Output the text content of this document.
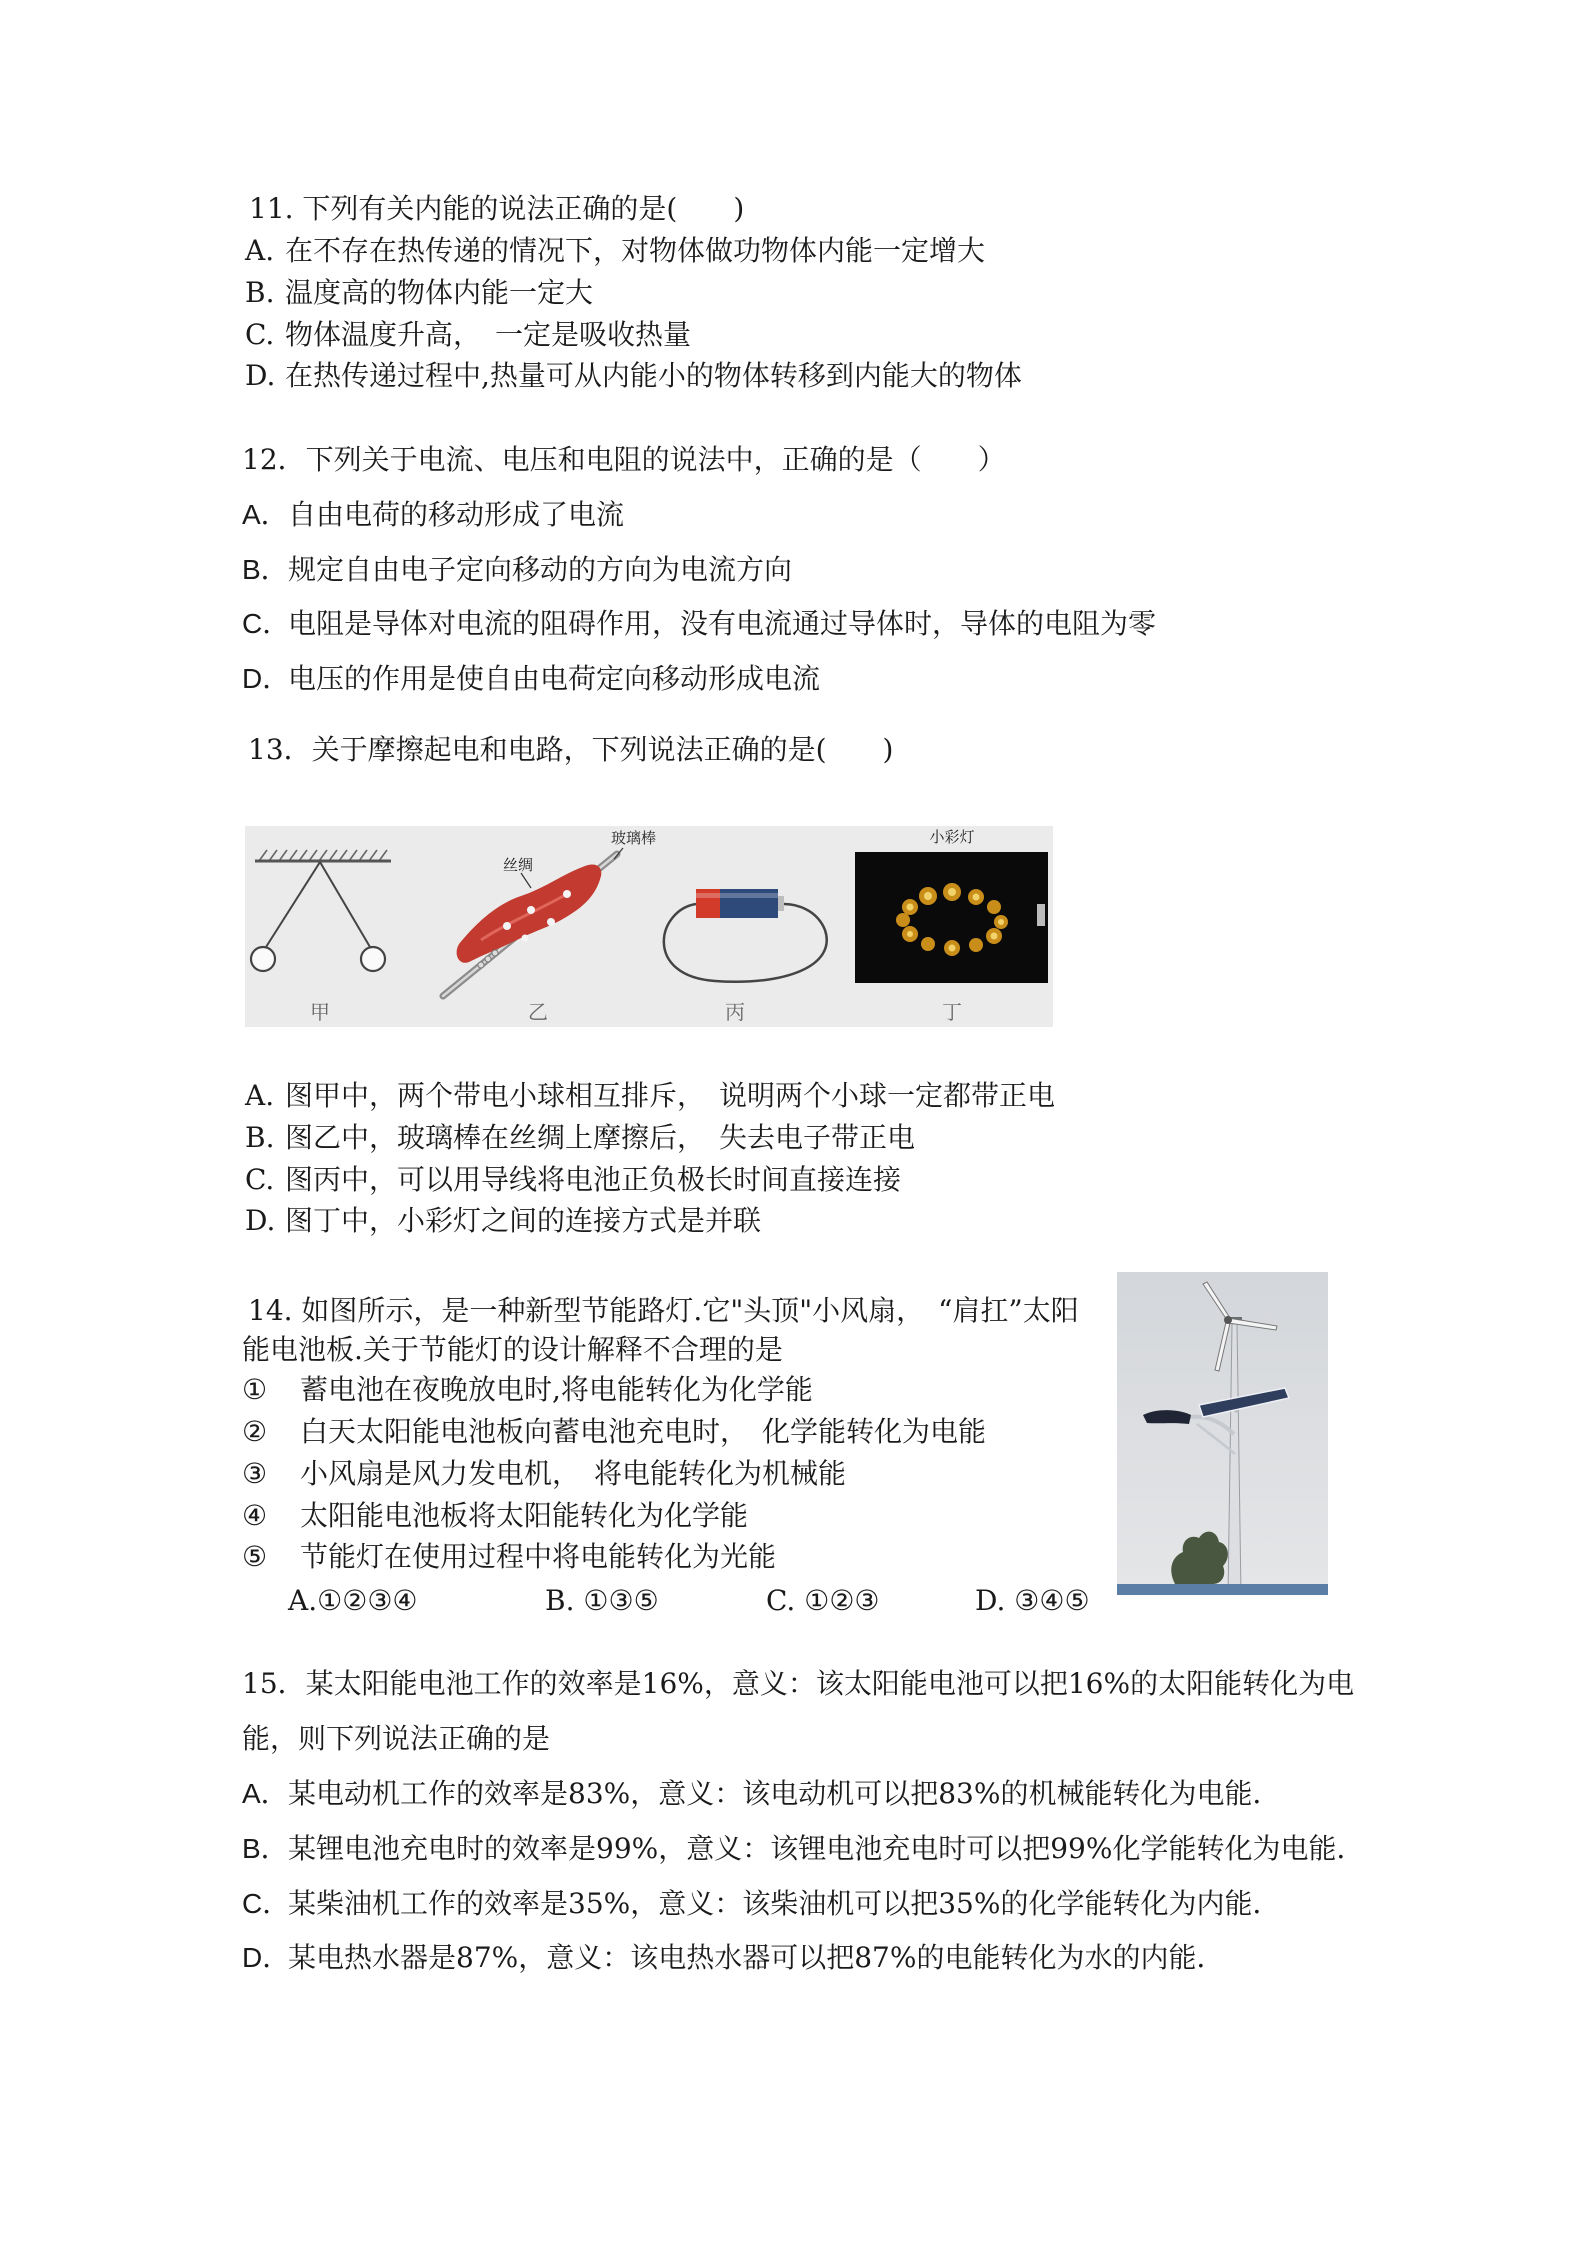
11. 下列有关内能的说法正确的是(　　)
A. 在不存在热传递的情况下，对物体做功物体内能一定增大
B. 温度高的物体内能一定大
C. 物体温度升高，　一定是吸收热量
D. 在热传递过程中,热量可从内能小的物体转移到内能大的物体
12．下列关于电流、电压和电阻的说法中，正确的是（　　）
A．自由电荷的移动形成了电流
B．规定自由电子定向移动的方向为电流方向
C．电阻是导体对电流的阻碍作用，没有电流通过导体时，导体的电阻为零
D．电压的作用是使自由电荷定向移动形成电流
13．关于摩擦起电和电路，下列说法正确的是(　　)
甲
玻璃棒
丝绸
乙	丙
小彩灯
丁
A. 图甲中，两个带电小球相互排斥，　说明两个小球一定都带正电
B. 图乙中，玻璃棒在丝绸上摩擦后，　失去电子带正电
C. 图丙中，可以用导线将电池正负极长时间直接连接
D. 图丁中，小彩灯之间的连接方式是并联
14. 如图所示，是一种新型节能路灯.它"头顶"小风扇，　“肩扛”太阳
能电池板.关于节能灯的设计解释不合理的是
① 蓄电池在夜晚放电时,将电能转化为化学能
② 白天太阳能电池板向蓄电池充电时，　化学能转化为电能
③ 小风扇是风力发电机，　将电能转化为机械能
④ 太阳能电池板将太阳能转化为化学能
⑤ 节能灯在使用过程中将电能转化为光能
A.①②③④	B. ①③⑤	C. ①②③	D. ③④⑤
15．某太阳能电池工作的效率是16%，意义：该太阳能电池可以把16%的太阳能转化为电
能，则下列说法正确的是
A．某电动机工作的效率是83%，意义：该电动机可以把83%的机械能转化为电能．
B．某锂电池充电时的效率是99%，意义：该锂电池充电时可以把99%化学能转化为电能．
C．某柴油机工作的效率是35%，意义：该柴油机可以把35%的化学能转化为内能．
D．某电热水器是87%，意义：该电热水器可以把87%的电能转化为水的内能．
